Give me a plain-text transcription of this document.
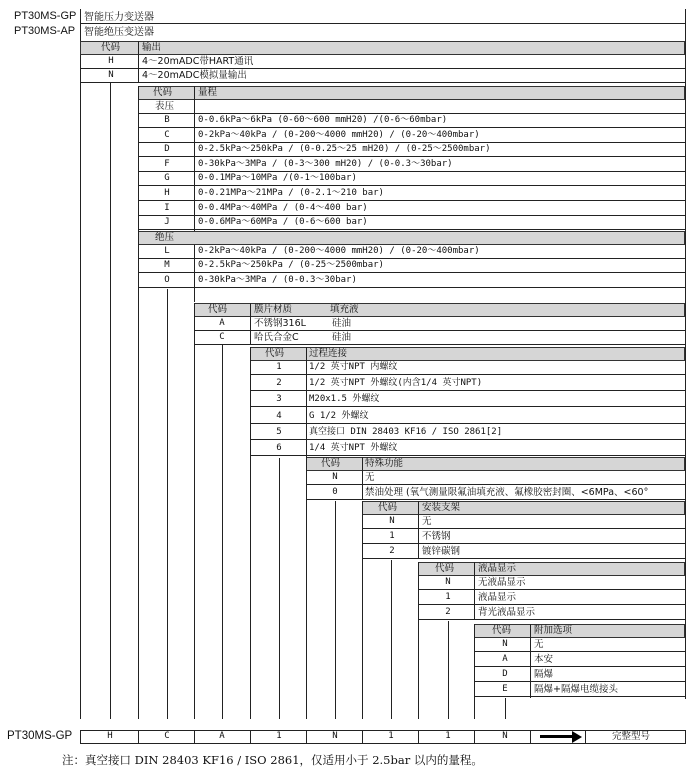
PT30MS-GP 智能压力变送器
PT30MS-AP 智能绝压变送器
代码 输出
H	4～20mADC带HART通讯
N	4～20mADC模拟量输出
代码	量程
表压
B	0-0.6kPa～6kPa (0-60～600 mmH20) /(0-6～60mbar)
C	0-2kPa～40kPa / (0-200～4000 mmH20) / (0-20～400mbar)
D	0-2.5kPa～250kPa / (0-0.25～25 mH20) / (0-25～2500mbar)
F	0-30kPa～3MPa / (0-3～300 mH20) / (0-0.3～30bar)
G	0-0.1MPa～10MPa /(0-1～100bar)
H	0-0.21MPa～21MPa / (0-2.1～210 bar)
I	0-0.4MPa～40MPa / (0-4～400 bar)
J	0-0.6MPa～60MPa / (0-6～600 bar)
绝压
L	0-2kPa～40kPa / (0-200～4000 mmH20) / (0-20～400mbar)
M	0-2.5kPa～250kPa / (0-25～2500mbar)
O	0-30kPa～3MPa / (0-0.3～30bar)
代码	膜片材质	填充液
A	不锈钢316L	硅油
C	哈氏合金C	硅油
代码	过程连接
1	1/2 英寸NPT 内螺纹
2	1/2 英寸NPT 外螺纹(内含1/4 英寸NPT)
3	M20x1.5 外螺纹
4	G 1/2 外螺纹
5	真空接口 DIN 28403 KF16 / ISO 2861[2]
6	1/4 英寸NPT 外螺纹
代码	特殊功能
N	无
0	禁油处理 (氧气测量限氟油填充液、氟橡胶密封圈、<6MPa、<60°
代码	安装支架
N	无
1	不锈钢
2	镀锌碳钢
代码	液晶显示
N	无液晶显示
1	液晶显示
2	背光液晶显示
代码 附加选项
N	无
A	本安
D	隔爆
E	隔爆+隔爆电缆接头
PT30MS-GP	H	C	A	1	N	1	1	N	完整型号
注：真空接口 DIN 28403 KF16 / ISO 2861，仅适用小于 2.5bar 以内的量程。
